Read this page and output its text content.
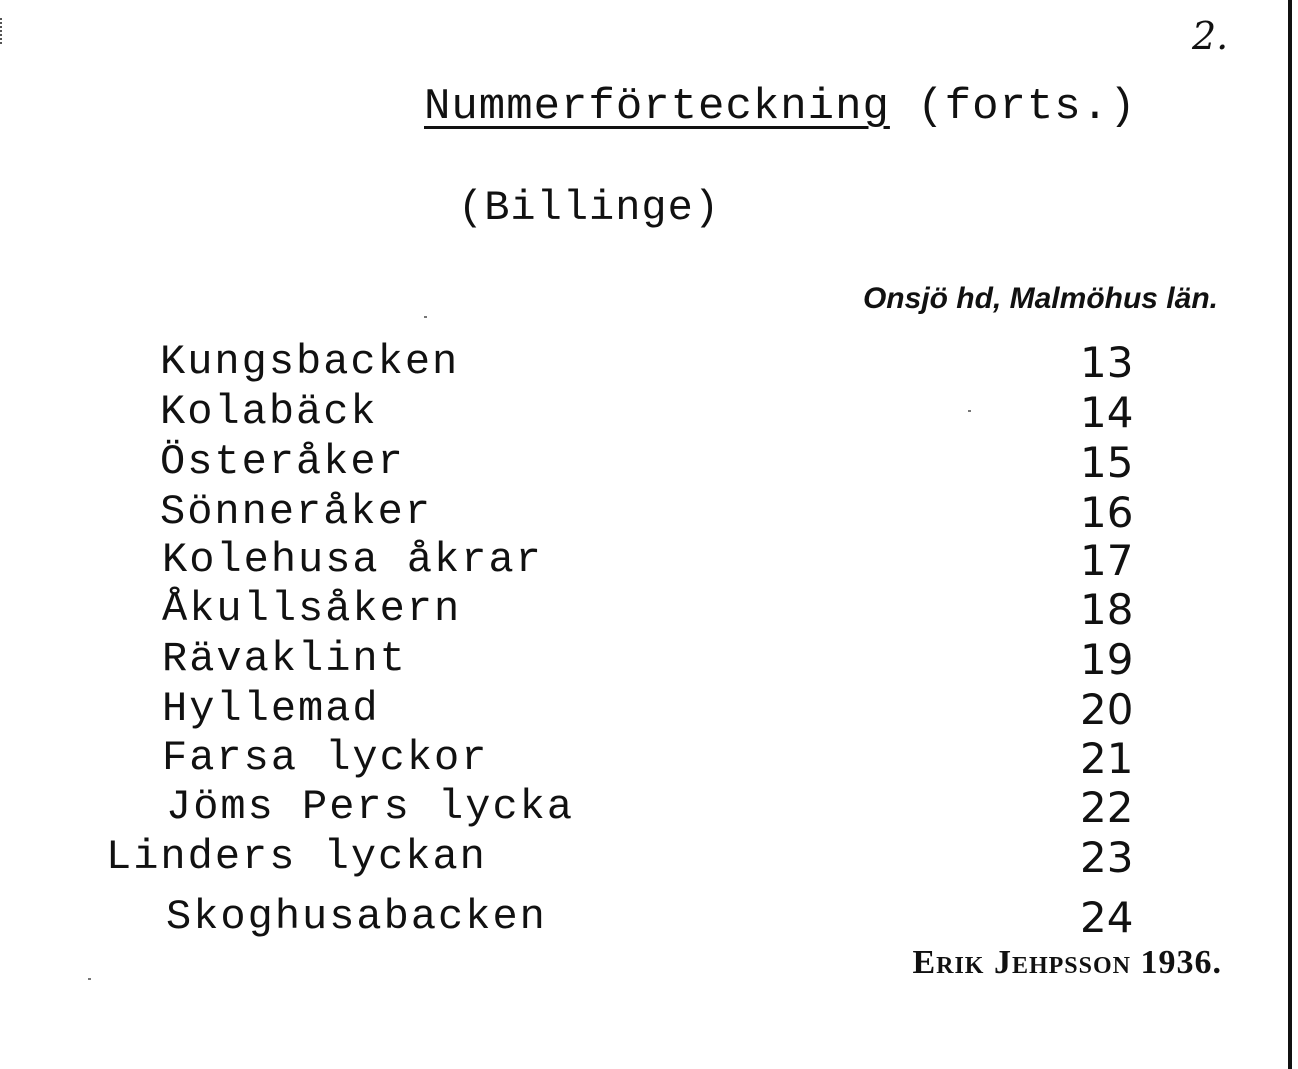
2.
Nummerförteckning (forts.)
(Billinge)
Onsjö hd, Malmöhus län.
Kungsbacken	13
Kolabäck	14
Österåker	15
Sönneråker	16
Kolehusa åkrar	17
Åkullsåkern	18
Rävaklint	19
Hyllemad	20
Farsa lyckor	21
Jöms Pers lycka	22
Linders lyckan	23
Skoghusabacken	24
Erik Jehpsson 1936.
